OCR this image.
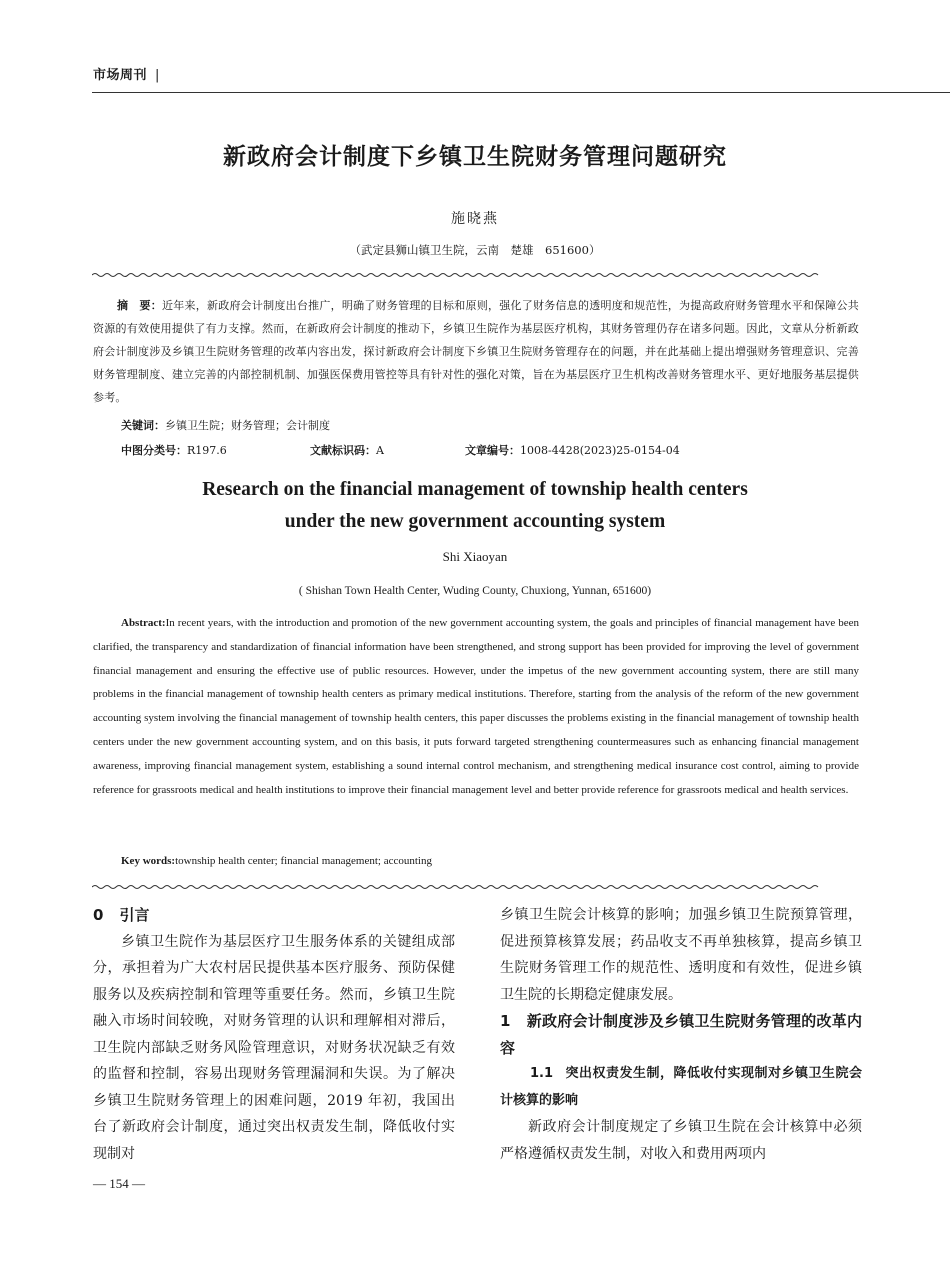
市场周刊 |
新政府会计制度下乡镇卫生院财务管理问题研究
施晓燕
（武定县狮山镇卫生院，云南　楚雄　651600）
摘　要：近年来，新政府会计制度出台推广，明确了财务管理的目标和原则，强化了财务信息的透明度和规范性，为提高政府财务管理水平和保障公共资源的有效使用提供了有力支撑。然而，在新政府会计制度的推动下，乡镇卫生院作为基层医疗机构，其财务管理仍存在诸多问题。因此，文章从分析新政府会计制度涉及乡镇卫生院财务管理的改革内容出发，探讨新政府会计制度下乡镇卫生院财务管理存在的问题，并在此基础上提出增强财务管理意识、完善财务管理制度、建立完善的内部控制机制、加强医保费用管控等具有针对性的强化对策，旨在为基层医疗卫生机构改善财务管理水平、更好地服务基层提供参考。
关键词：乡镇卫生院；财务管理；会计制度
中图分类号：R197.6	文献标识码：A	文章编号：1008-4428(2023)25-0154-04
Research on the financial management of township health centers
under the new government accounting system
Shi Xiaoyan
( Shishan Town Health Center, Wuding County, Chuxiong, Yunnan, 651600)
Abstract:In recent years, with the introduction and promotion of the new government accounting system, the goals and principles of financial management have been clarified, the transparency and standardization of financial information have been strengthened, and strong support has been provided for improving the level of government financial management and ensuring the effective use of public resources. However, under the impetus of the new government accounting system, there are still many problems in the financial management of township health centers as primary medical institutions. Therefore, starting from the analysis of the reform of the new government accounting system involving the financial management of township health centers, this paper discusses the problems existing in the financial management of township health centers under the new government accounting system, and on this basis, it puts forward targeted strengthening countermeasures such as enhancing financial management awareness, improving financial management system, establishing a sound internal control mechanism, and strengthening medical insurance cost control, aiming to provide reference for grassroots medical and health institutions to improve their financial management level and better provide reference for grassroots medical and health services.
Key words:township health center; financial management; accounting
0 引言

乡镇卫生院作为基层医疗卫生服务体系的关键组成部分，承担着为广大农村居民提供基本医疗服务、预防保健服务以及疾病控制和管理等重要任务。然而，乡镇卫生院融入市场时间较晚，对财务管理的认识和理解相对滞后，卫生院内部缺乏财务风险管理意识，对财务状况缺乏有效的监督和控制，容易出现财务管理漏洞和失误。为了解决乡镇卫生院财务管理上的困难问题，2019 年初，我国出台了新政府会计制度，通过突出权责发生制，降低收付实现制对

乡镇卫生院会计核算的影响；加强乡镇卫生院预算管理，促进预算核算发展；药品收支不再单独核算，提高乡镇卫生院财务管理工作的规范性、透明度和有效性，促进乡镇卫生院的长期稳定健康发展。

1 新政府会计制度涉及乡镇卫生院财务管理的改革内容
1.1 突出权责发生制，降低收付实现制对乡镇卫生院会计核算的影响

新政府会计制度规定了乡镇卫生院在会计核算中必须严格遵循权责发生制，对收入和费用两项内

— 154 —
